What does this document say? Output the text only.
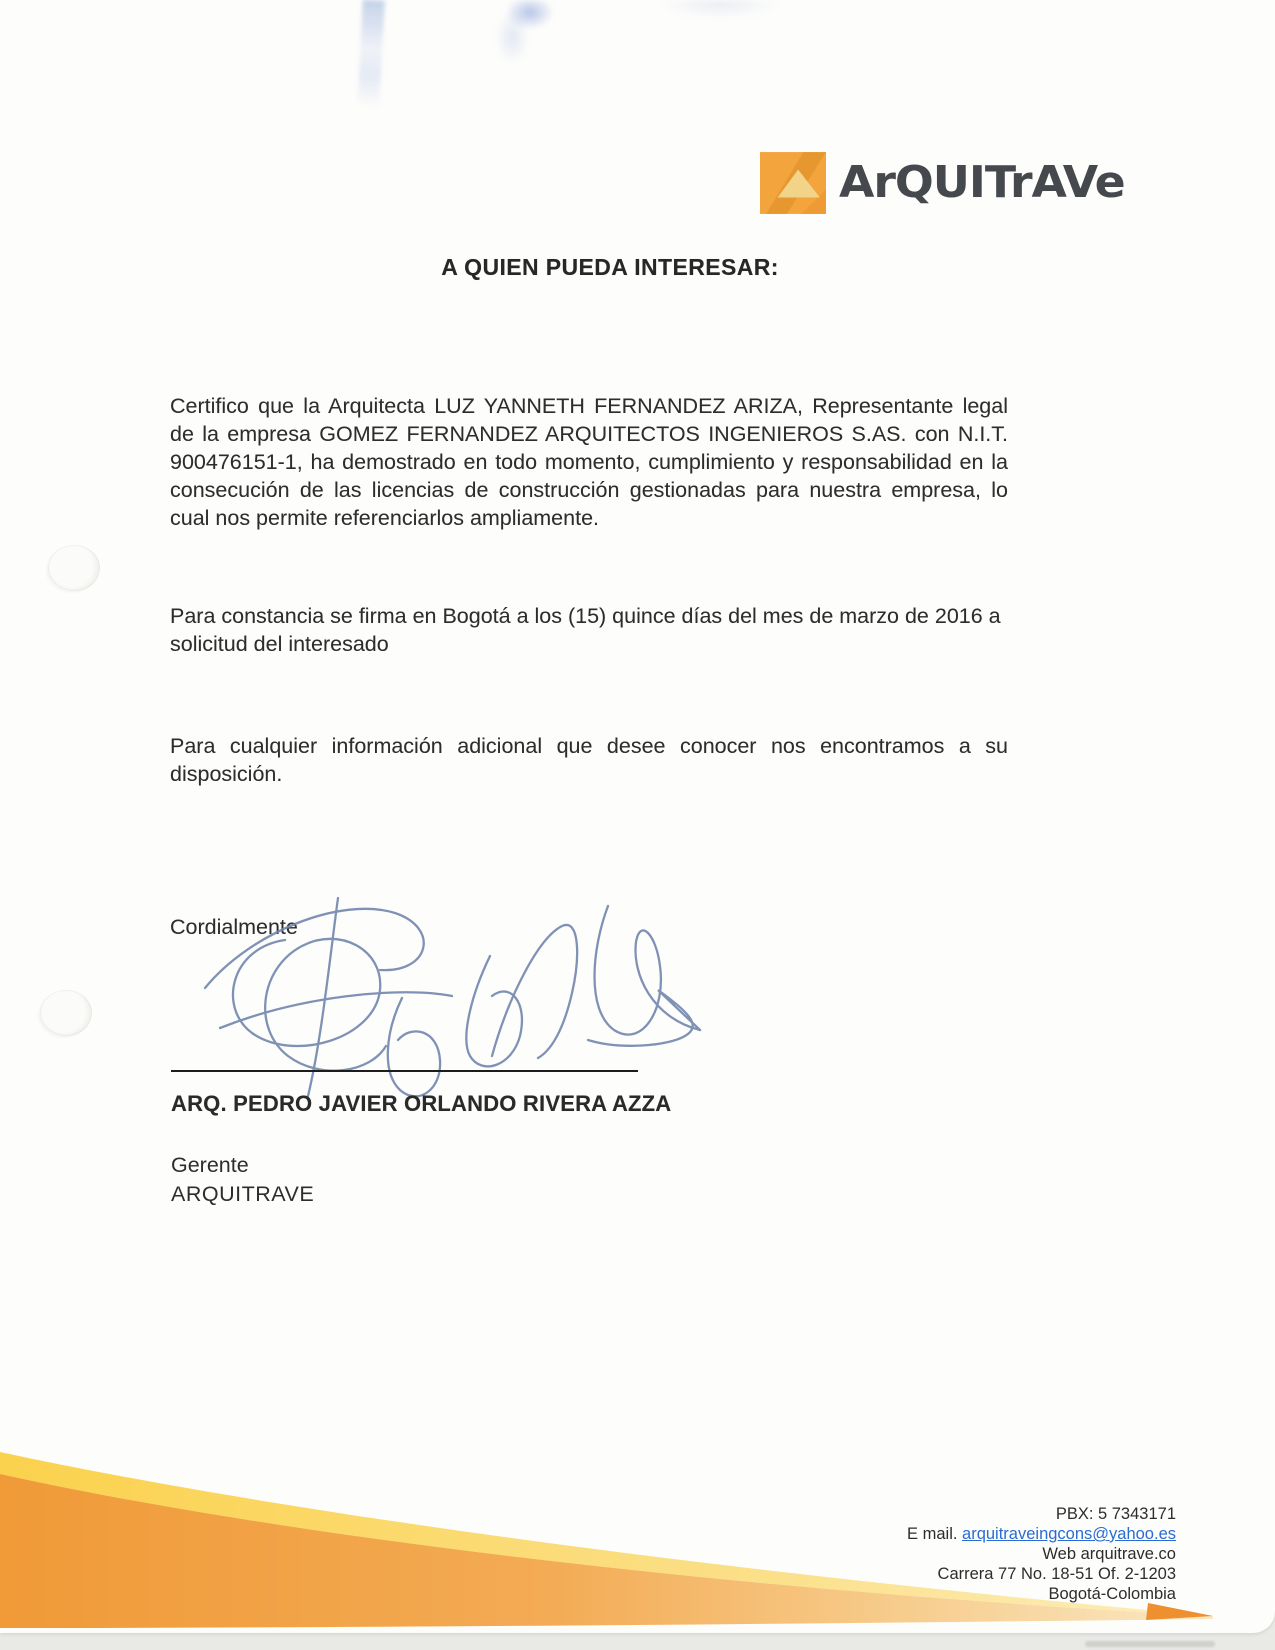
ArQUITrAVe
A QUIEN PUEDA INTERESAR:

Certifico que la Arquitecta LUZ YANNETH FERNANDEZ ARIZA, Representante legal de la empresa GOMEZ FERNANDEZ ARQUITECTOS INGENIEROS S.AS. con N.I.T. 900476151-1, ha demostrado en todo momento, cumplimiento y responsabilidad en la consecución de las licencias de construcción gestionadas para nuestra empresa, lo cual nos permite referenciarlos ampliamente.

Para constancia se firma en Bogotá a los (15) quince días del mes de marzo de 2016 a solicitud del interesado

Para cualquier información adicional que desee conocer nos encontramos a su disposición.

Cordialmente

ARQ. PEDRO JAVIER ORLANDO RIVERA AZZA
Gerente
ARQUITRAVE
PBX: 5 7343171
E mail. arquitraveingcons@yahoo.es
Web arquitrave.co
Carrera 77 No. 18-51 Of. 2-1203
Bogotá-Colombia
